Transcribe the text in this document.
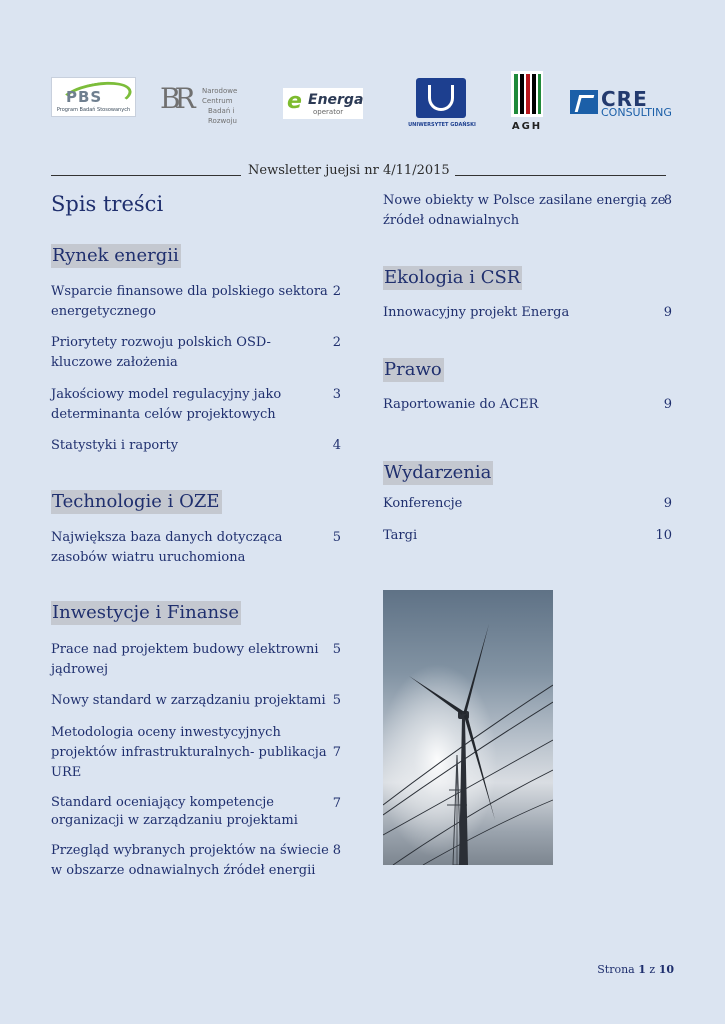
PBS
Program Badań Stosowanych BR Narodowe Centrum
Badań i Rozwoju
e Energa
operator
UNIWERSYTET GDAŃSKI	AGH
CRE
CONSULTING
Newsletter juejsi nr 4/11/2015
Spis treści
Rynek energii
Wsparcie finansowe dla polskiego sektora
energetycznego
2
Priorytety rozwoju polskich OSD-
kluczowe założenia
2
Jakościowy model regulacyjny jako
determinanta celów projektowych
3
Statystyki i raporty	4
Technologie i OZE
Największa baza danych dotycząca
zasobów wiatru uruchomiona
5
Inwestycje i Finanse
Prace nad projektem budowy elektrowni
jądrowej
5
Nowy standard w zarządzaniu projektami 5
Metodologia oceny inwestycyjnych
projektów infrastrukturalnych- publikacja
URE
7
Standard oceniający kompetencje
organizacji w zarządzaniu projektami
7
Przegląd wybranych projektów na świecie
w obszarze odnawialnych źródeł energii
8
Nowe obiekty w Polsce zasilane energią ze
źródeł odnawialnych
8
Ekologia i CSR
Innowacyjny projekt Energa	9
Prawo
Raportowanie do ACER	9
Wydarzenia
Konferencje	9
Targi	10
Strona 1 z 10
